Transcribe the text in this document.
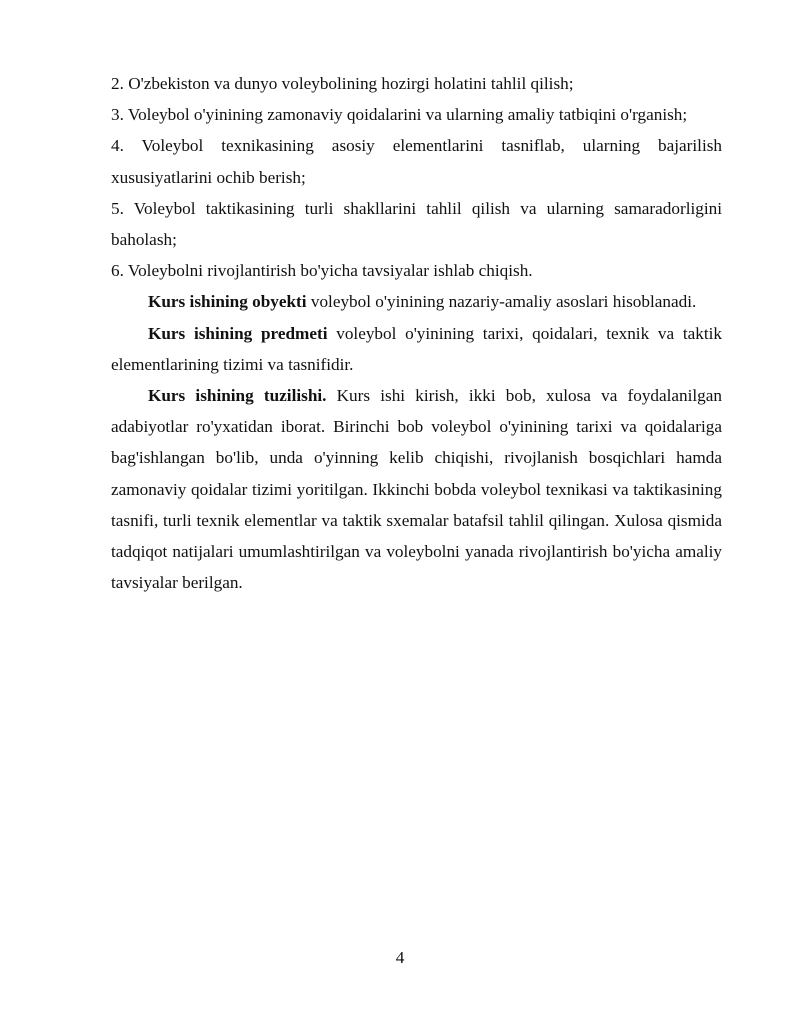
2. O'zbekiston va dunyo voleybolining hozirgi holatini tahlil qilish;

3. Voleybol o'yinining zamonaviy qoidalarini va ularning amaliy tatbiqini o'rganish;

4. Voleybol texnikasining asosiy elementlarini tasniflab, ularning bajarilish xususiyatlarini ochib berish;

5. Voleybol taktikasining turli shakllarini tahlil qilish va ularning samaradorligini baholash;

6. Voleybolni rivojlantirish bo'yicha tavsiyalar ishlab chiqish.

Kurs ishining obyekti voleybol o'yinining nazariy-amaliy asoslari hisoblanadi.

Kurs ishining predmeti voleybol o'yinining tarixi, qoidalari, texnik va taktik elementlarining tizimi va tasnifidir.

Kurs ishining tuzilishi. Kurs ishi kirish, ikki bob, xulosa va foydalanilgan adabiyotlar ro'yxatidan iborat. Birinchi bob voleybol o'yinining tarixi va qoidalariga bag'ishlangan bo'lib, unda o'yinning kelib chiqishi, rivojlanish bosqichlari hamda zamonaviy qoidalar tizimi yoritilgan. Ikkinchi bobda voleybol texnikasi va taktikasining tasnifi, turli texnik elementlar va taktik sxemalar batafsil tahlil qilingan. Xulosa qismida tadqiqot natijalari umumlashtirilgan va voleybolni yanada rivojlantirish bo'yicha amaliy tavsiyalar berilgan.

4
